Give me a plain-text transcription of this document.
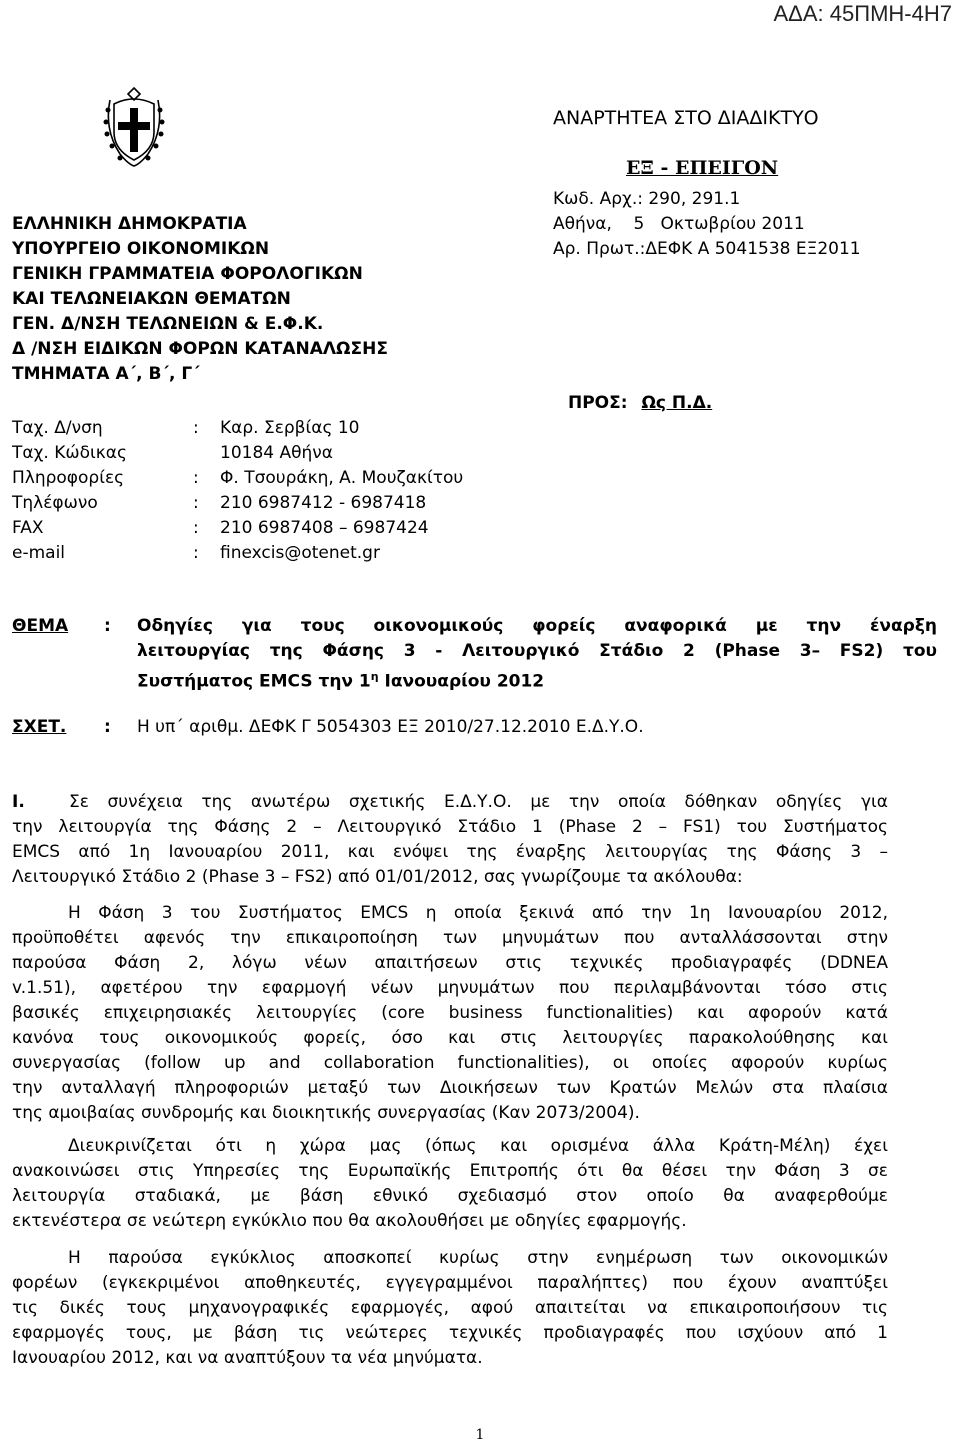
ΑΔΑ: 45ΠΜΗ-4Η7
ΕΛΛΗΝΙΚΗ ΔΗΜΟΚΡΑΤΙΑ
ΥΠΟΥΡΓΕΙΟ ΟΙΚΟΝΟΜΙΚΩΝ
ΓΕΝΙΚΗ ΓΡΑΜΜΑΤΕΙΑ ΦΟΡΟΛΟΓΙΚΩΝ
ΚΑΙ ΤΕΛΩΝΕΙΑΚΩΝ ΘΕΜΑΤΩΝ
ΓΕΝ. Δ/ΝΣΗ ΤΕΛΩΝΕΙΩΝ & Ε.Φ.Κ.
Δ /ΝΣΗ ΕΙΔΙΚΩΝ ΦΟΡΩΝ ΚΑΤΑΝΑΛΩΣΗΣ
ΤΜΗΜΑΤΑ Α΄, Β΄, Γ΄
ΑΝΑΡΤΗΤΕΑ ΣΤΟ ΔΙΑΔΙΚΤΥΟ
ΕΞ - ΕΠΕΙΓΟΝ
Κωδ. Αρχ.: 290, 291.1
Αθήνα,    5   Οκτωβρίου 2011
Αρ. Πρωτ.:ΔΕΦΚ Α 5041538 ΕΞ2011
ΠΡΟΣ: Ως Π.Δ.
Ταχ. Δ/νση	:	Καρ. Σερβίας 10
Ταχ. Κώδικας	10184 Αθήνα
Πληροφορίες	:	Φ. Τσουράκη, Α. Μουζακίτου
Τηλέφωνο	:	210 6987412 - 6987418
FAX	:	210 6987408 – 6987424
e-mail	:	finexcis@otenet.gr
ΘΕΜΑ	:	Οδηγίες για τους οικονομικούς φορείς αναφορικά με την έναρξη
λειτουργίας της Φάσης 3 - Λειτουργικό Στάδιο 2 (Phase 3– FS2) του
Συστήματος EMCS την $1^\eta$ Ιανουαρίου 2012
ΣΧΕΤ. : Η υπ΄ αριθμ. ΔΕΦΚ Γ 5054303 ΕΞ 2010/27.12.2010 Ε.Δ.Υ.Ο.
Ι.	Σε συνέχεια της ανωτέρω σχετικής Ε.Δ.Υ.Ο. με την οποία δόθηκαν οδηγίες για
την λειτουργία της Φάσης 2 – Λειτουργικό Στάδιο 1 (Phase 2 – FS1) του Συστήματος
EMCS από 1η Ιανουαρίου 2011, και ενόψει της έναρξης λειτουργίας της Φάσης 3 –
Λειτουργικό Στάδιο 2 (Phase 3 – FS2) από 01/01/2012, σας γνωρίζουμε τα ακόλουθα:
Η Φάση 3 του Συστήματος EMCS η οποία ξεκινά από την 1η Ιανουαρίου 2012,
προϋποθέτει αφενός την επικαιροποίηση των μηνυμάτων που ανταλλάσσονται στην
παρούσα Φάση 2, λόγω νέων απαιτήσεων στις τεχνικές προδιαγραφές (DDNEA
v.1.51), αφετέρου την εφαρμογή νέων μηνυμάτων που περιλαμβάνονται τόσο στις
βασικές επιχειρησιακές λειτουργίες (core business functionalities) και αφορούν κατά
κανόνα τους οικονομικούς φορείς, όσο και στις λειτουργίες παρακολούθησης και
συνεργασίας (follow up and collaboration functionalities), οι οποίες αφορούν κυρίως
την ανταλλαγή πληροφοριών μεταξύ των Διοικήσεων των Κρατών Μελών στα πλαίσια
της αμοιβαίας συνδρομής και διοικητικής συνεργασίας (Καν 2073/2004).
Διευκρινίζεται ότι η χώρα μας (όπως και ορισμένα άλλα Κράτη-Μέλη) έχει
ανακοινώσει στις Υπηρεσίες της Ευρωπαϊκής Επιτροπής ότι θα θέσει την Φάση 3 σε
λειτουργία σταδιακά, με βάση εθνικό σχεδιασμό στον οποίο θα αναφερθούμε
εκτενέστερα σε νεώτερη εγκύκλιο που θα ακολουθήσει με οδηγίες εφαρμογής.
Η παρούσα εγκύκλιος αποσκοπεί κυρίως στην ενημέρωση των οικονομικών
φορέων (εγκεκριμένοι αποθηκευτές, εγγεγραμμένοι παραλήπτες) που έχουν αναπτύξει
τις δικές τους μηχανογραφικές εφαρμογές, αφού απαιτείται να επικαιροποιήσουν τις
εφαρμογές τους, με βάση τις νεώτερες τεχνικές προδιαγραφές που ισχύουν από 1
Ιανουαρίου 2012, και να αναπτύξουν τα νέα μηνύματα.
1
